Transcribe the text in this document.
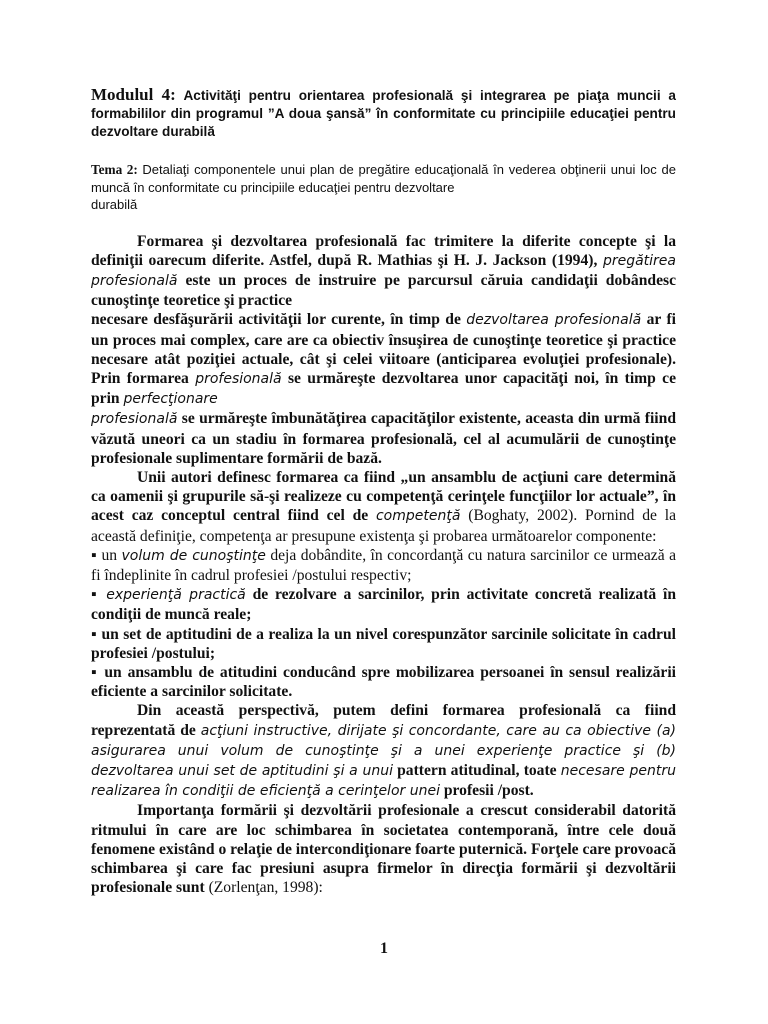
Modulul 4: Activităţi pentru orientarea profesională şi integrarea pe piaţa muncii a formabililor din programul ”A doua şansă” în conformitate cu principiile educaţiei pentru dezvoltare durabilă

Tema 2: Detaliaţi componentele unui plan de pregătire educaţională în vederea obţinerii unui loc de muncă în conformitate cu principiile educaţiei pentru dezvoltare
durabilă

Formarea şi dezvoltarea profesională fac trimitere la diferite concepte şi la definiţii oarecum diferite. Astfel, după R. Mathias şi H. J. Jackson (1994), pregătirea profesională este un proces de instruire pe parcursul căruia candidaţii dobândesc cunoştinţe teoretice şi practice

necesare desfăşurării activităţii lor curente, în timp de dezvoltarea profesională ar fi un proces mai complex, care are ca obiectiv însuşirea de cunoştinţe teoretice şi practice necesare atât poziţiei actuale, cât şi celei viitoare (anticiparea evoluţiei profesionale). Prin formarea profesională se urmăreşte dezvoltarea unor capacităţi noi, în timp ce prin perfecţionare

profesională se urmăreşte îmbunătăţirea capacităţilor existente, aceasta din urmă fiind văzută uneori ca un stadiu în formarea profesională, cel al acumulării de cunoştinţe profesionale suplimentare formării de bază.

Unii autori definesc formarea ca fiind „un ansamblu de acţiuni care determină ca oamenii şi grupurile să-şi realizeze cu competenţă cerinţele funcţiilor lor actuale”, în acest caz conceptul central fiind cel de competenţă (Boghaty, 2002). Pornind de la această definiţie, competenţa ar presupune existenţa şi probarea următoarelor componente:

▪ un volum de cunoştinţe deja dobândite, în concordanţă cu natura sarcinilor ce urmează a fi îndeplinite în cadrul profesiei /postului respectiv;

▪ experienţă practică de rezolvare a sarcinilor, prin activitate concretă realizată în condiţii de muncă reale;

▪ un set de aptitudini de a realiza la un nivel corespunzător sarcinile solicitate în cadrul profesiei /postului;

▪ un ansamblu de atitudini conducând spre mobilizarea persoanei în sensul realizării eficiente a sarcinilor solicitate.

Din această perspectivă, putem defini formarea profesională ca fiind reprezentată de acţiuni instructive, dirijate şi concordante, care au ca obiective (a) asigurarea unui volum de cunoştinţe şi a unei experienţe practice şi (b) dezvoltarea unui set de aptitudini şi a unui pattern atitudinal, toate necesare pentru realizarea în condiţii de eficienţă a cerinţelor unei profesii /post.

Importanţa formării şi dezvoltării profesionale a crescut considerabil datorită ritmului în care are loc schimbarea în societatea contemporană, între cele două fenomene existând o relaţie de intercondiţionare foarte puternică. Forţele care provoacă schimbarea şi care fac presiuni asupra firmelor în direcţia formării şi dezvoltării profesionale sunt (Zorlenţan, 1998):

1
